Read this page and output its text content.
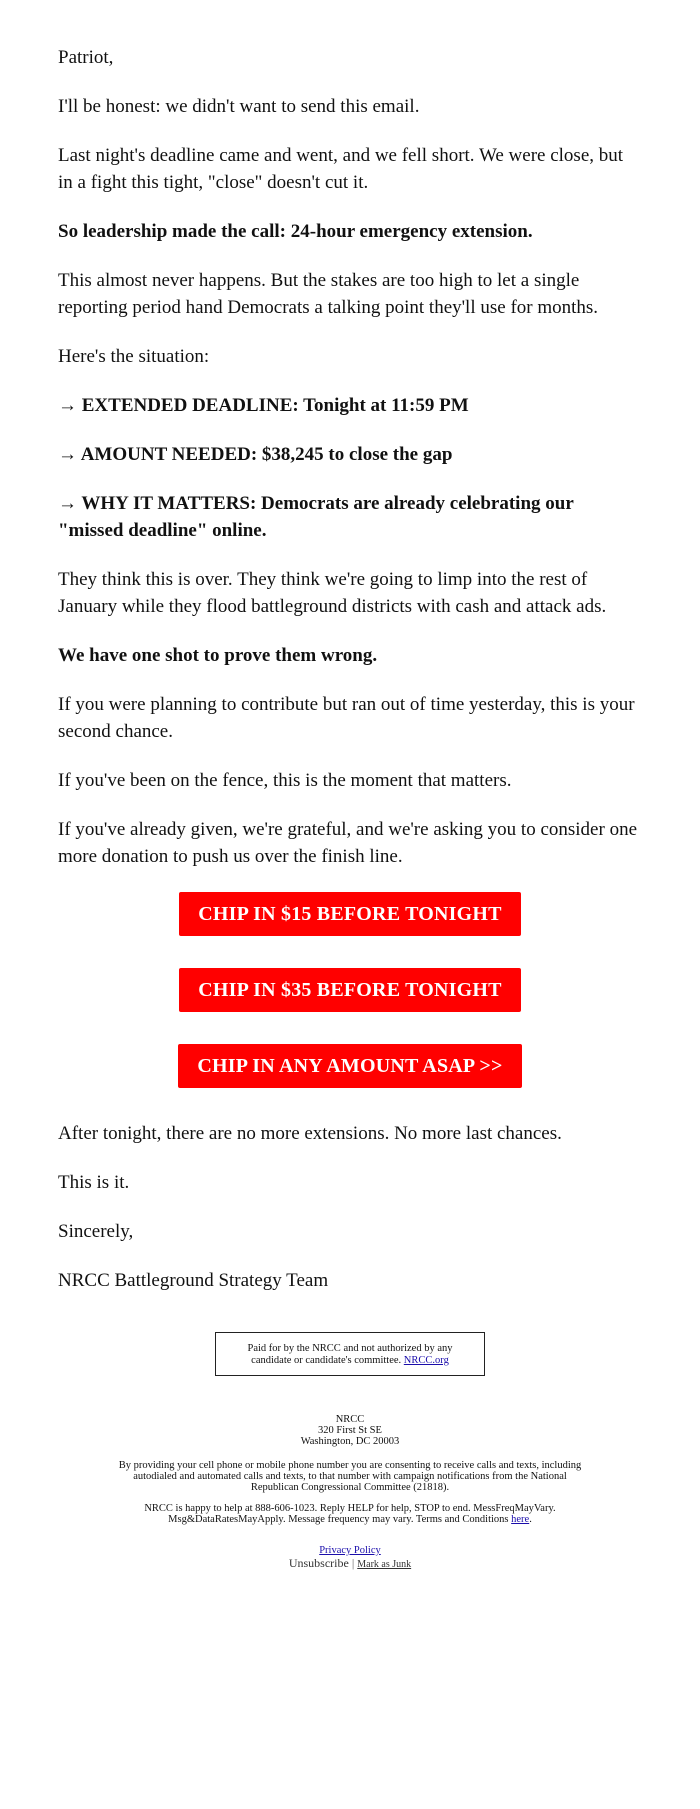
Patriot,

I'll be honest: we didn't want to send this email.

Last night's deadline came and went, and we fell short. We were close, but in a fight this tight, "close" doesn't cut it.

So leadership made the call: 24-hour emergency extension.

This almost never happens. But the stakes are too high to let a single reporting period hand Democrats a talking point they'll use for months.

Here's the situation:

→ EXTENDED DEADLINE: Tonight at 11:59 PM

→ AMOUNT NEEDED: $38,245 to close the gap

→ WHY IT MATTERS: Democrats are already celebrating our "missed deadline" online.

They think this is over. They think we're going to limp into the rest of January while they flood battleground districts with cash and attack ads.

We have one shot to prove them wrong.

If you were planning to contribute but ran out of time yesterday, this is your second chance.

If you've been on the fence, this is the moment that matters.

If you've already given, we're grateful, and we're asking you to consider one more donation to push us over the finish line.

CHIP IN $15 BEFORE TONIGHT
CHIP IN $35 BEFORE TONIGHT
CHIP IN ANY AMOUNT ASAP >>

After tonight, there are no more extensions. No more last chances.

This is it.

Sincerely,

NRCC Battleground Strategy Team

Paid for by the NRCC and not authorized by any candidate or candidate's committee. NRCC.org
NRCC
320 First St SE
Washington, DC 20003
By providing your cell phone or mobile phone number you are consenting to receive calls and texts, including autodialed and automated calls and texts, to that number with campaign notifications from the National Republican Congressional Committee (21818).
NRCC is happy to help at 888-606-1023. Reply HELP for help, STOP to end. MessFreqMayVary. Msg&DataRatesMayApply. Message frequency may vary. Terms and Conditions here.
Privacy Policy
Unsubscribe | Mark as Junk
